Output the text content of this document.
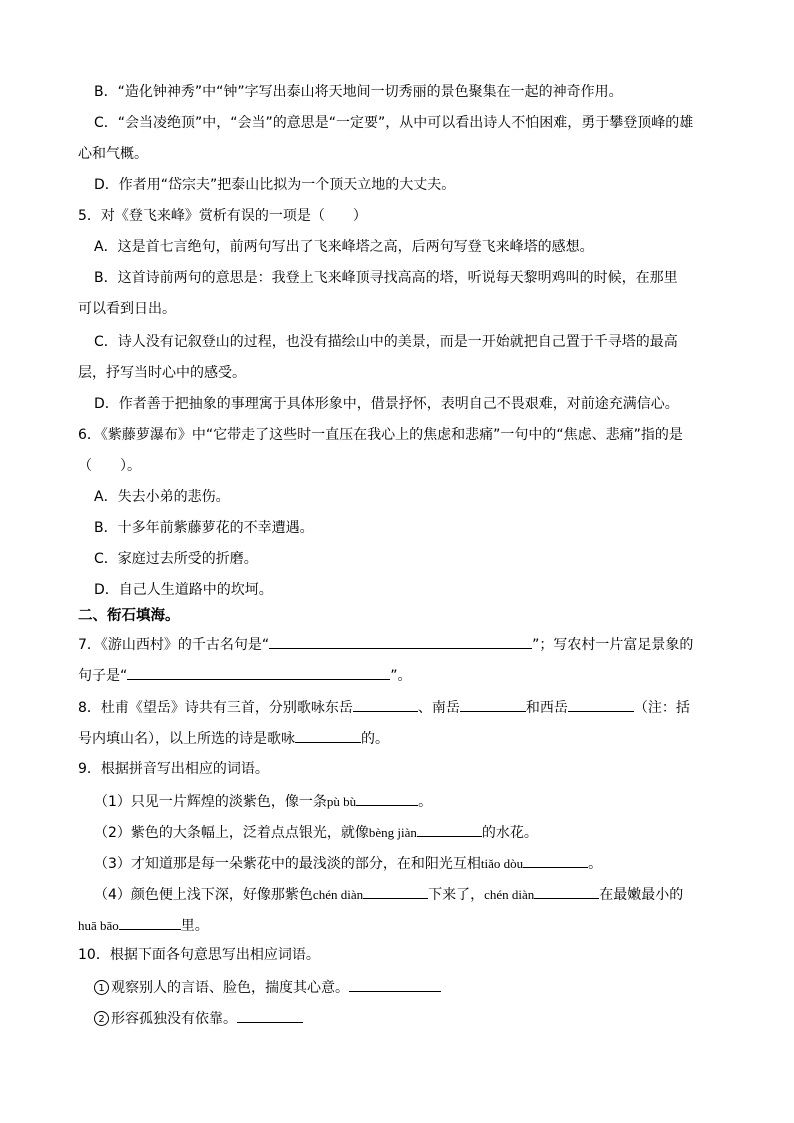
B．“造化钟神秀”中“钟”字写出泰山将天地间一切秀丽的景色聚集在一起的神奇作用。
C．“会当凌绝顶”中，“会当”的意思是“一定要”，从中可以看出诗人不怕困难，勇于攀登顶峰的雄
心和气概。
D．作者用“岱宗夫”把泰山比拟为一个顶天立地的大丈夫。
5．对《登飞来峰》赏析有误的一项是（　　）
A．这是首七言绝句，前两句写出了飞来峰塔之高，后两句写登飞来峰塔的感想。
B．这首诗前两句的意思是：我登上飞来峰顶寻找高高的塔，听说每天黎明鸡叫的时候，在那里
可以看到日出。
C．诗人没有记叙登山的过程，也没有描绘山中的美景，而是一开始就把自己置于千寻塔的最高
层，抒写当时心中的感受。
D．作者善于把抽象的事理寓于具体形象中，借景抒怀，表明自己不畏艰难，对前途充满信心。
6．《紫藤萝瀑布》中“它带走了这些时一直压在我心上的焦虑和悲痛”一句中的“焦虑、悲痛”指的是
（　　）。
A．失去小弟的悲伤。
B．十多年前紫藤萝花的不幸遭遇。
C．家庭过去所受的折磨。
D．自己人生道路中的坎坷。
二、衔石填海。
7．《游山西村》的千古名句是“	”；写农村一片富足景象的
句子是“	”。
8．杜甫《望岳》诗共有三首，分别歌咏东岳	、南岳	和西岳	（注：括
号内填山名），以上所选的诗是歌咏	的。
9．根据拼音写出相应的词语。
（1）只见一片辉煌的淡紫色，像一条pù bù	。
（2）紫色的大条幅上，泛着点点银光，就像bèng jiàn	的水花。
（3）才知道那是每一朵紫花中的最浅淡的部分，在和阳光互相tiǎo dòu	。
（4）颜色便上浅下深，好像那紫色chén diàn	下来了，chén diàn	在最嫩最小的
huā bāo	里。
10．根据下面各句意思写出相应词语。
1 观察别人的言语、脸色，揣度其心意。
2 形容孤独没有依靠。
